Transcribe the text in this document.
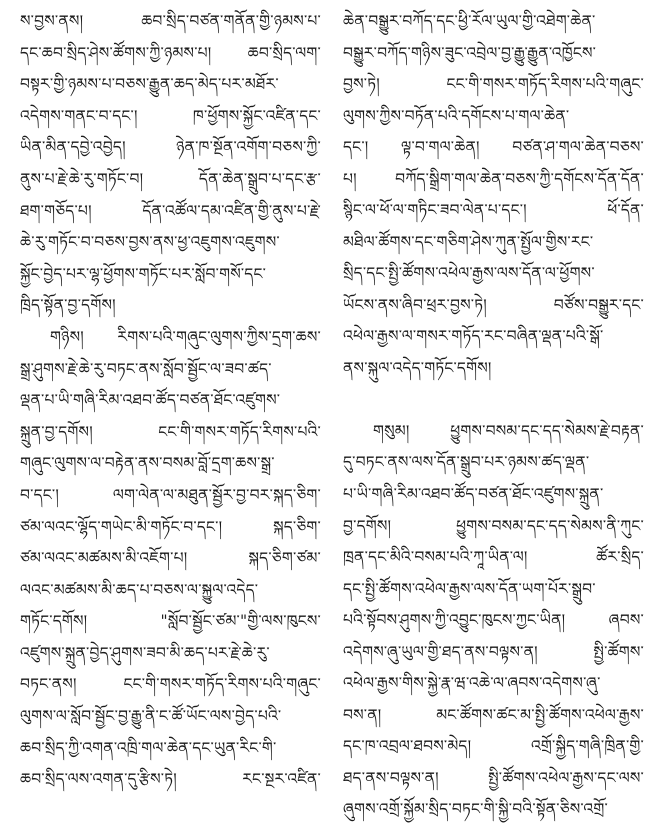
ས་བྱས་ནས། ཆབ་སྲིད་བཙན་གནོན་གྱི་ཉམས་པ་
དང་ཆབ་སྲིད་ཤེས་ཚོགས་ཀྱི་ཉམས་པ། ཆབ་སྲིད་ལག་
བསྟར་གྱི་ཉམས་པ་བཅས་རྒྱུན་ཆད་མེད་པར་མཐོར་
འདེགས་གནང་བ་དང་། ཁ་ཕྱོགས་སྐྱོང་འཛིན་དང་
ཡིན་མིན་དབྱེ་འབྱེད། ཉེན་ཁ་སྔོན་འགོག་བཅས་ཀྱི་
ནུས་པ་རྗེ་ཆེ་རུ་གཏོང་བ། དོན་ཆེན་སྒྲུབ་པ་དང་རྩ་
ཐག་གཅོད་པ། དོན་འཚོལ་དམ་འཛིན་གྱི་ནུས་པ་རྗེ་
ཆེ་རུ་གཏོང་བ་བཅས་བྱས་ནས་ཕྱ་འཇུགས་འཇུགས་
སྐྱོང་བྱེད་པར་ལྷ་ཕྱོགས་གཏོང་པར་སློབ་གསོ་དང་
ཁྲིད་སྟོན་བྱ་དགོས།
གཉིས། རིགས་པའི་གཞུང་ལུགས་ཀྱིས་དྲག་ཆས་
སྒྲ་ཤུགས་རྗེ་ཆེ་རུ་བཏང་ནས་སློབ་སྦྱོང་ལ་ཟབ་ཚད་
ལྡན་པ་ཡི་གཞི་རིམ་འཐབ་ཚོད་བཙན་ཐོང་འཛུགས་
སྐྲུན་བྱ་དགོས། ངང་གི་གསར་གཏོད་རིགས་པའི་
གཞུང་ལུགས་ལ་བརྟེན་ནས་བསམ་བློ་དྲག་ཆས་སྒྲ་
བ་དང་། ལག་ལེན་ལ་མཐུན་སྦྱོར་བྱ་བར་སྐད་ཅིག་
ཙམ་ལའང་ལྷོད་གཡེང་མི་གཏོང་བ་དང་། སྐད་ཅིག་
ཙམ་ལའང་མཚམས་མི་འཇོག་པ། སྐད་ཅིག་ཙམ་
ལའང་མཚམས་མི་ཆད་པ་བཅས་ལ་སྐྱུལ་འདེད་
གཏོང་དགོས། "སློབ་སྦྱོང་ཙམ་"གྱི་ལས་ཁུངས་
འཛུགས་སྐྲུན་བྱེད་ཤུགས་ཟབ་མི་ཆད་པར་རྗེ་ཆེ་རུ་
བཏང་ནས། ངང་གི་གསར་གཏོད་རིགས་པའི་གཞུང་
ལུགས་ལ་སློབ་སྦྱོང་བྱ་རྒྱུ་ནི་ང་ཚོ་ཡོང་ལས་བྱེད་པའི་
ཆབ་སྲིད་ཀྱི་འགན་འཁྲི་གལ་ཆེན་དང་ཡུན་རིང་གི་
ཆབ་སྲིད་ལས་འགན་དུ་རྩིས་ཏེ། རང་སྔར་འཛིན་
ཆེན་བསྒྱུར་བཀོད་དང་ཕྱི་རོལ་ཡུལ་གྱི་འཐེག་ཆེན་
བསྒྱུར་བཀོད་གཉིས་ཟུང་འབྲེལ་བྱ་རྒྱུ་རྒྱུན་འཁྱོངས་
བྱས་ཏེ། ངང་གི་གསར་གཏོད་རིགས་པའི་གཞུང་
ལུགས་ཀྱིས་བཏོན་པའི་དགོངས་པ་གལ་ཆེན་
དང་། ལྟ་བ་གལ་ཆེན། བཙན་ཤ་གལ་ཆེན་བཅས་
པ། བཀོད་སྒྲིག་གལ་ཆེན་བཅས་ཀྱི་དགོངས་དོན་དོན་
སྙིང་ལ་ཕོ་ལ་གཏིང་ཟབ་ལེན་པ་དང་། ཕོ་དོན་
མཐིལ་ཚོགས་དང་གཅིག་ཤེས་ཀུན་སྤྱོལ་གྱིས་རང་
སྲིད་དང་སྤྱི་ཚོགས་འཕེལ་རྒྱས་ལས་དོན་ལ་ཕྱོགས་
ཡོངས་ནས་ཞིབ་ཕྲར་བྱས་ཏེ། བཙོས་བསྒྱུར་དང་
འཕེལ་རྒྱས་ལ་གསར་གཏོད་རང་བཞིན་ལྡན་པའི་སྒོ་
ནས་སྐུལ་འདེད་གཏོང་དགོས།
གསུམ། ཕྱུགས་བསམ་དང་དད་སེམས་རྗེ་བརྟན་
དུ་བཏང་ནས་ལས་དོན་སྒྲུབ་པར་ཉམས་ཚད་ལྡན་
པ་ཡི་གཞི་རིམ་འཐབ་ཚོད་བཙན་ཐོང་འཛུགས་སྐྲུན་
བྱ་དགོས། ཕྱུགས་བསམ་དང་དད་སེམས་ནི་ཀུང་
ཁྲན་དང་མིའི་བསམ་པའི་ཀཱ་ཡིན་ལ། ཚོར་སྲིད་
དང་སྤྱི་ཚོགས་འཕེལ་རྒྱས་ལས་དོན་ཡག་པོར་སྒྲུབ་
པའི་སྟོབས་ཤུགས་ཀྱི་འབྱུང་ཁུངས་ཀྱང་ཡིན། ཞབས་
འདེགས་ཞུ་ཡུལ་གྱི་ཐད་ནས་བལྟས་ན། སྤྱི་ཚོགས་
འཕེལ་རྒྱས་གིས་སྐྱེ་རྣ་ཝ་འཆེ་ལ་ཞབས་འདེགས་ཞུ་
བས་ན། མང་ཚོགས་ཚང་མ་སྤྱི་ཚོགས་འཕེལ་རྒྱས་
དང་ཁ་འབྲལ་ཐབས་མེད། འགྲོ་སྐྱིད་གཞི་ཁྲིན་གྱི་
ཐད་ནས་བལྟས་ན། སྤྱི་ཚོགས་འཕེལ་རྒྱས་དང་ལས་
ཞུགས་འགྲོ་སྐྱོམ་སྲིད་བཏང་གི་སྐྱི་བའི་སྟོན་ཅིས་འགྲོ་
